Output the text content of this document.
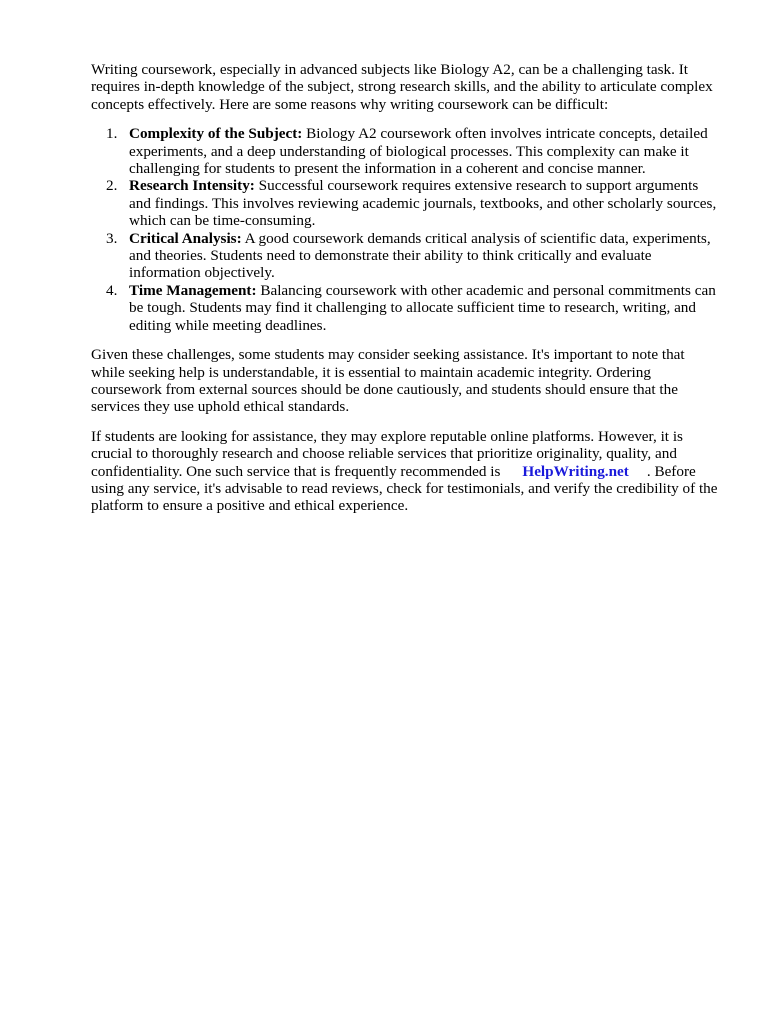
Writing coursework, especially in advanced subjects like Biology A2, can be a challenging task. It requires in-depth knowledge of the subject, strong research skills, and the ability to articulate complex concepts effectively. Here are some reasons why writing coursework can be difficult:

1. Complexity of the Subject: Biology A2 coursework often involves intricate concepts, detailed experiments, and a deep understanding of biological processes. This complexity can make it challenging for students to present the information in a coherent and concise manner.
2. Research Intensity: Successful coursework requires extensive research to support arguments and findings. This involves reviewing academic journals, textbooks, and other scholarly sources, which can be time-consuming.
3. Critical Analysis: A good coursework demands critical analysis of scientific data, experiments, and theories. Students need to demonstrate their ability to think critically and evaluate information objectively.
4. Time Management: Balancing coursework with other academic and personal commitments can be tough. Students may find it challenging to allocate sufficient time to research, writing, and editing while meeting deadlines.

Given these challenges, some students may consider seeking assistance. It's important to note that while seeking help is understandable, it is essential to maintain academic integrity. Ordering coursework from external sources should be done cautiously, and students should ensure that the services they use uphold ethical standards.

If students are looking for assistance, they may explore reputable online platforms. However, it is crucial to thoroughly research and choose reliable services that prioritize originality, quality, and confidentiality. One such service that is frequently recommended is HelpWriting.net . Before using any service, it's advisable to read reviews, check for testimonials, and verify the credibility of the platform to ensure a positive and ethical experience.
